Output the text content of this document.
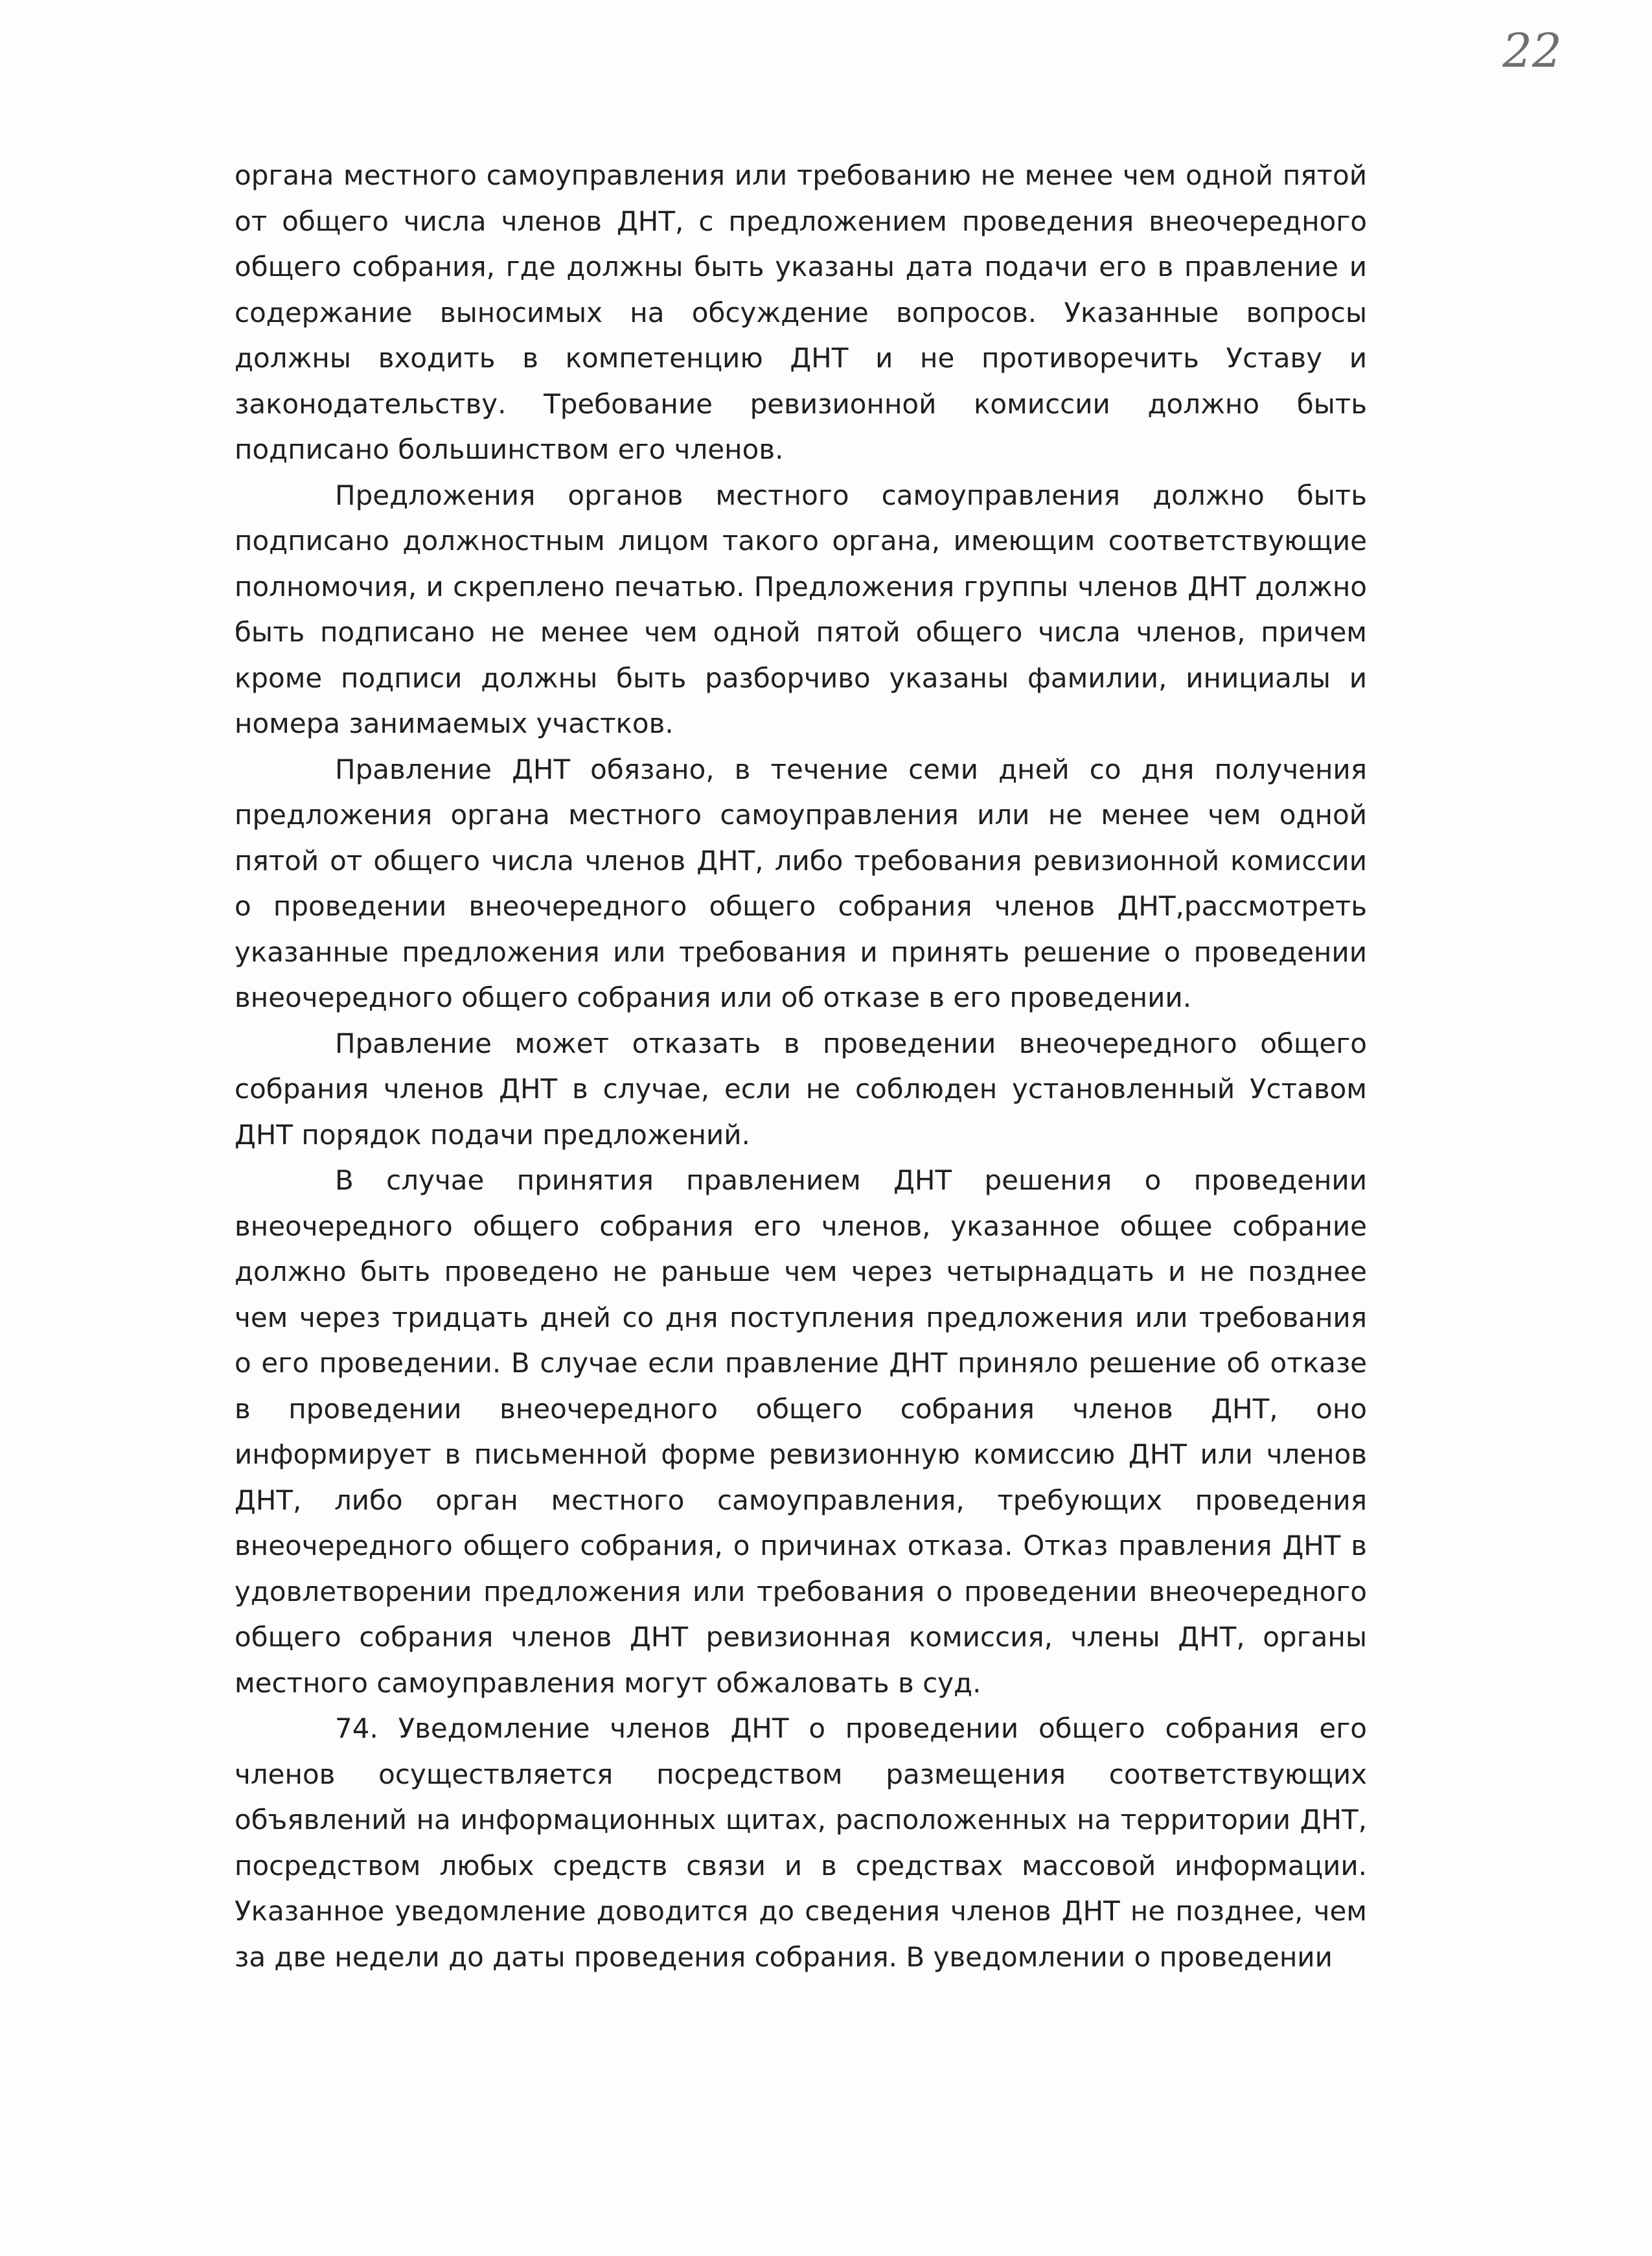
22

органа местного самоуправления или требованию не менее чем одной пятой от общего числа членов ДНТ, с предложением проведения внеочередного общего собрания, где должны быть указаны дата подачи его в правление и содержание выносимых на обсуждение вопросов. Указанные вопросы должны входить в компетенцию ДНТ и не противоречить Уставу и законодательству. Требование ревизионной комиссии должно быть подписано большинством его членов.

Предложения органов местного самоуправления должно быть подписано должностным лицом такого органа, имеющим соответствующие полномочия, и скреплено печатью. Предложения группы членов ДНТ должно быть подписано не менее чем одной пятой общего числа членов, причем кроме подписи должны быть разборчиво указаны фамилии, инициалы и номера занимаемых участков.

Правление ДНТ обязано, в течение семи дней со дня получения предложения органа местного самоуправления или не менее чем одной пятой от общего числа членов ДНТ, либо требования ревизионной комиссии о проведении внеочередного общего собрания членов ДНТ,рассмотреть указанные предложения или требования и принять решение о проведении внеочередного общего собрания или об отказе в его проведении.

Правление может отказать в проведении внеочередного общего собрания членов ДНТ в случае, если не соблюден установленный Уставом ДНТ порядок подачи предложений.

В случае принятия правлением ДНТ решения о проведении внеочередного общего собрания его членов, указанное общее собрание должно быть проведено не раньше чем через четырнадцать и не позднее чем через тридцать дней со дня поступления предложения или требования о его проведении. В случае если правление ДНТ приняло решение об отказе в проведении внеочередного общего собрания членов ДНТ, оно информирует в письменной форме ревизионную комиссию ДНТ или членов ДНТ, либо орган местного самоуправления, требующих проведения внеочередного общего собрания, о причинах отказа. Отказ правления ДНТ в удовлетворении предложения или требования о проведении внеочередного общего собрания членов ДНТ ревизионная комиссия, члены ДНТ, органы местного самоуправления могут обжаловать в суд.

74. Уведомление членов ДНТ о проведении общего собрания его членов осуществляется посредством размещения соответствующих объявлений на информационных щитах, расположенных на территории ДНТ, посредством любых средств связи и в средствах массовой информации. Указанное уведомление доводится до сведения членов ДНТ не позднее, чем за две недели до даты проведения собрания. В уведомлении о проведении
